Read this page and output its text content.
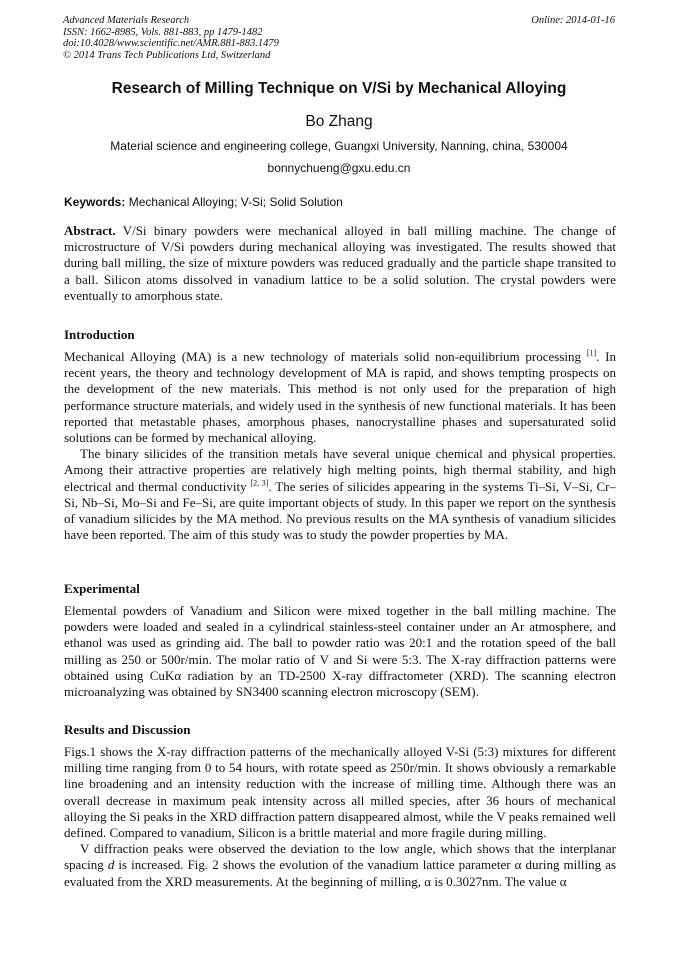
Advanced Materials Research
ISSN: 1662-8985, Vols. 881-883, pp 1479-1482
doi:10.4028/www.scientific.net/AMR.881-883.1479
© 2014 Trans Tech Publications Ltd, Switzerland
Online: 2014-01-16
Research of Milling Technique on V/Si by Mechanical Alloying
Bo Zhang
Material science and engineering college, Guangxi University, Nanning, china, 530004
bonnychueng@gxu.edu.cn
Keywords: Mechanical Alloying; V-Si; Solid Solution

Abstract. V/Si binary powders were mechanical alloyed in ball milling machine. The change of microstructure of V/Si powders during mechanical alloying was investigated. The results showed that during ball milling, the size of mixture powders was reduced gradually and the particle shape transited to a ball. Silicon atoms dissolved in vanadium lattice to be a solid solution. The crystal powders were eventually to amorphous state.

Introduction

Mechanical Alloying (MA) is a new technology of materials solid non-equilibrium processing [1]. In recent years, the theory and technology development of MA is rapid, and shows tempting prospects on the development of the new materials. This method is not only used for the preparation of high performance structure materials, and widely used in the synthesis of new functional materials. It has been reported that metastable phases, amorphous phases, nanocrystalline phases and supersaturated solid solutions can be formed by mechanical alloying.

The binary silicides of the transition metals have several unique chemical and physical properties. Among their attractive properties are relatively high melting points, high thermal stability, and high electrical and thermal conductivity [2, 3]. The series of silicides appearing in the systems Ti–Si, V–Si, Cr–Si, Nb–Si, Mo–Si and Fe–Si, are quite important objects of study. In this paper we report on the synthesis of vanadium silicides by the MA method. No previous results on the MA synthesis of vanadium silicides have been reported. The aim of this study was to study the powder properties by MA.

Experimental

Elemental powders of Vanadium and Silicon were mixed together in the ball milling machine. The powders were loaded and sealed in a cylindrical stainless-steel container under an Ar atmosphere, and ethanol was used as grinding aid. The ball to powder ratio was 20:1 and the rotation speed of the ball milling as 250 or 500r/min. The molar ratio of V and Si were 5:3. The X-ray diffraction patterns were obtained using CuKα radiation by an TD-2500 X-ray diffractometer (XRD). The scanning electron microanalyzing was obtained by SN3400 scanning electron microscopy (SEM).

Results and Discussion

Figs.1 shows the X-ray diffraction patterns of the mechanically alloyed V-Si (5:3) mixtures for different milling time ranging from 0 to 54 hours, with rotate speed as 250r/min. It shows obviously a remarkable line broadening and an intensity reduction with the increase of milling time. Although there was an overall decrease in maximum peak intensity across all milled species, after 36 hours of mechanical alloying the Si peaks in the XRD diffraction pattern disappeared almost, while the V peaks remained well defined. Compared to vanadium, Silicon is a brittle material and more fragile during milling.

V diffraction peaks were observed the deviation to the low angle, which shows that the interplanar spacing d is increased. Fig. 2 shows the evolution of the vanadium lattice parameter α during milling as evaluated from the XRD measurements. At the beginning of milling, α is 0.3027nm. The value α
